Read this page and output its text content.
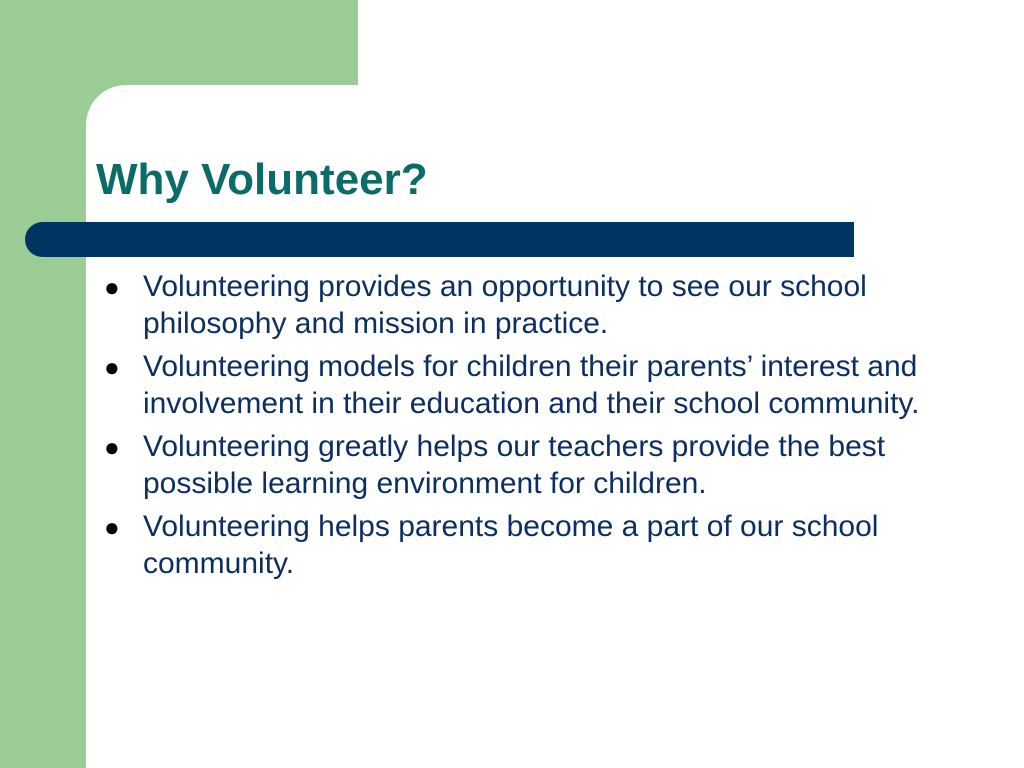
Why Volunteer?
● Volunteering provides an opportunity to see our school philosophy and mission in practice.
● Volunteering models for children their parents’ interest and involvement in their education and their school community.
● Volunteering greatly helps our teachers provide the best possible learning environment for children.
● Volunteering helps parents become a part of our school community.
